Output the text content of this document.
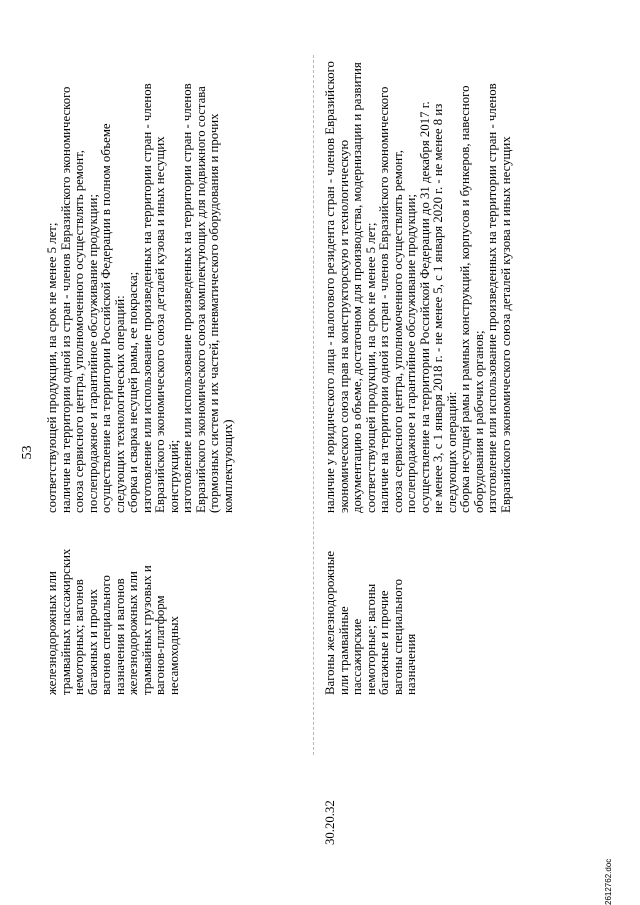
53
железнодорожных или трамвайных пассажирских немоторных; вагонов багажных и прочих вагонов специального назначения и вагонов железнодорожных или трамвайных грузовых и вагонов-платформ несамоходных
соответствующей продукции, на срок не менее 5 лет; наличие на территории одной из стран - членов Евразийского экономического союза сервисного центра, уполномоченного осуществлять ремонт, послепродажное и гарантийное обслуживание продукции; осуществление на территории Российской Федерации в полном объеме следующих технологических операций: сборка и сварка несущей рамы, ее покраска; изготовление или использование произведенных на территории стран - членов Евразийского экономического союза деталей кузова и иных несущих конструкций; изготовление или использование произведенных на территории стран - членов Евразийского экономического союза комплектующих для подвижного состава (тормозных систем и их частей, пневматического оборудования и прочих комплектующих)
30.20.32
Вагоны железнодорожные или трамвайные пассажирские немоторные; вагоны багажные и прочие вагоны специального назначения
наличие у юридического лица - налогового резидента стран - членов Евразийского экономического союза прав на конструкторскую и технологическую документацию в объеме, достаточном для производства, модернизации и развития соответствующей продукции, на срок не менее 5 лет; наличие на территории одной из стран - членов Евразийского экономического союза сервисного центра, уполномоченного осуществлять ремонт, послепродажное и гарантийное обслуживание продукции; осуществление на территории Российской Федерации до 31 декабря 2017 г. не менее 3, с 1 января 2018 г. - не менее 5, с 1 января 2020 г. - не менее 8 из следующих операций: сборка несущей рамы и рамных конструкций, корпусов и бункеров, навесного оборудования и рабочих органов; изготовление или использование произведенных на территории стран - членов Евразийского экономического союза деталей кузова и иных несущих
2612762.doc
